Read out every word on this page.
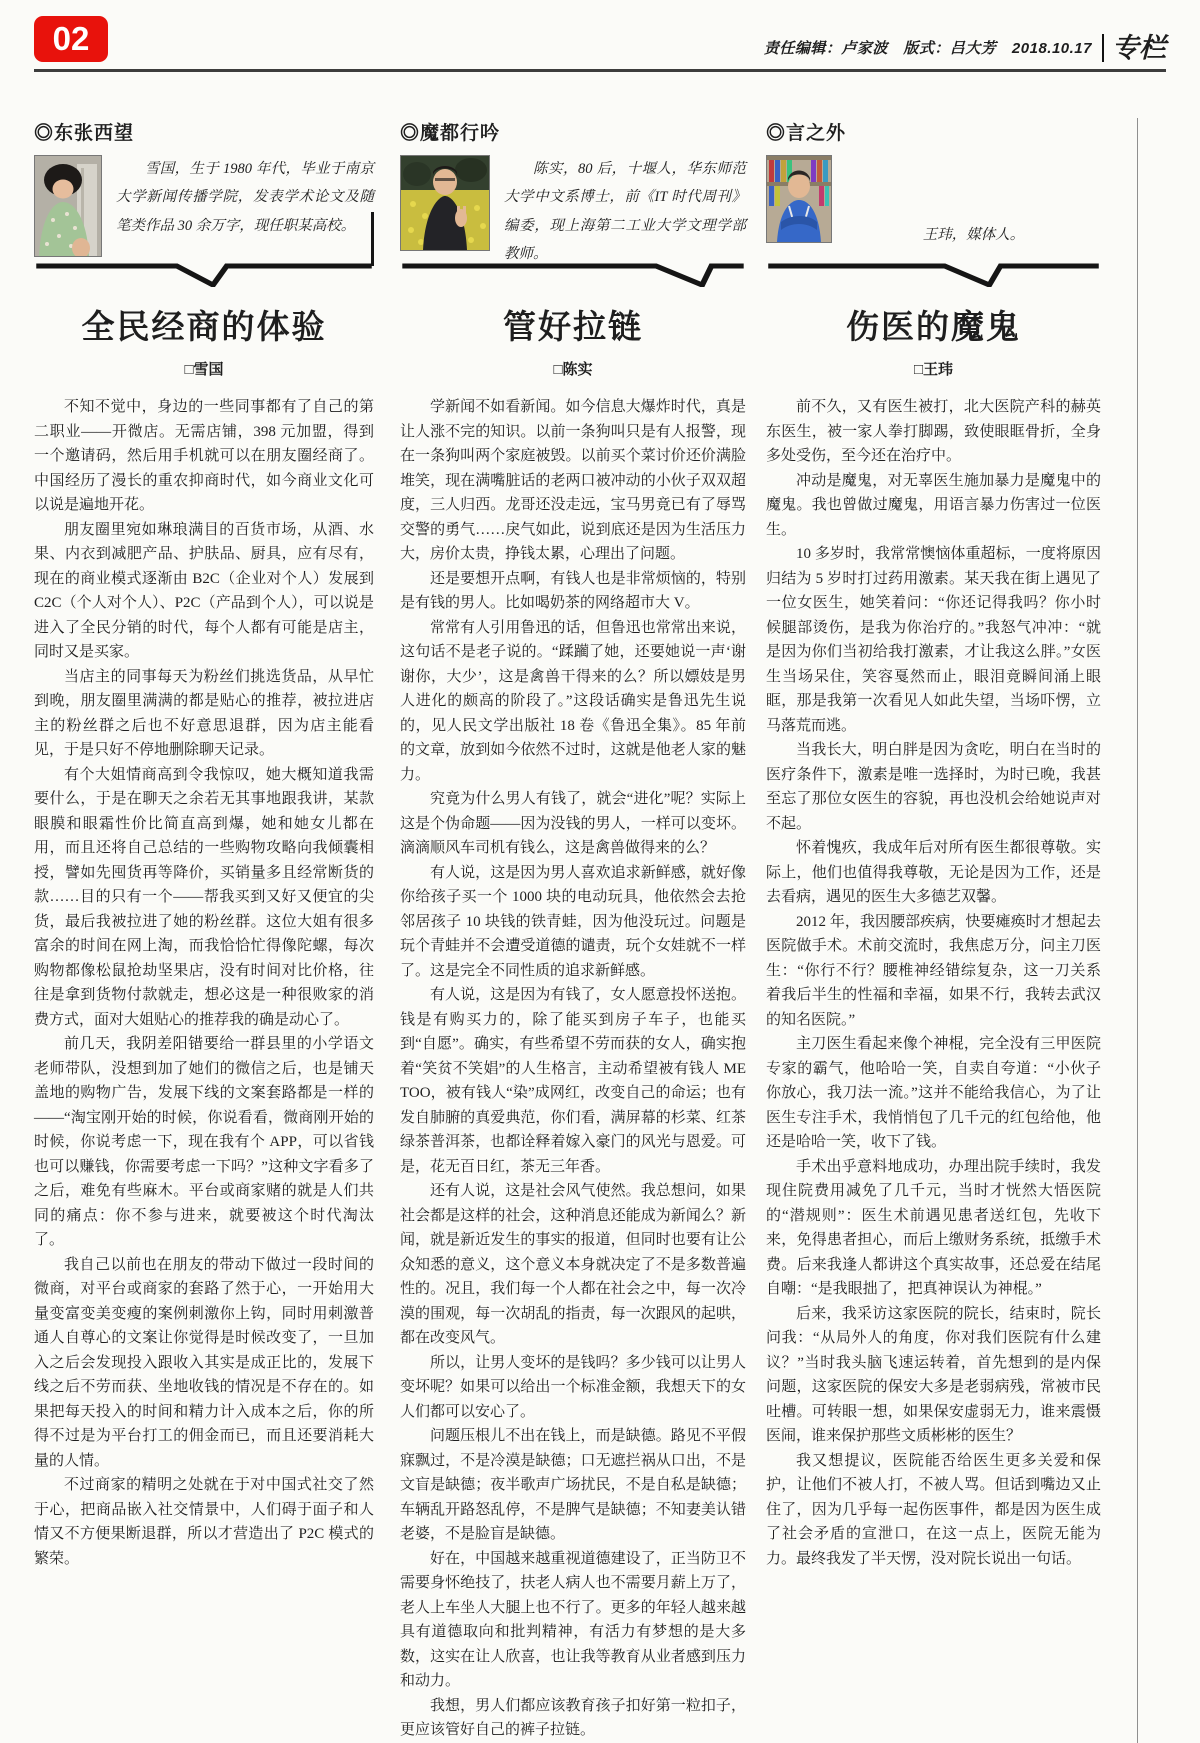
02	责任编辑：卢家波　版式：吕大芳　2018.10.17 专栏
◎东张西望
雪国，生于 1980 年代，毕业于南京大学新闻传播学院，发表学术论文及随笔类作品 30 余万字，现任职某高校。
全民经商的体验
□雪国

不知不觉中，身边的一些同事都有了自己的第二职业——开微店。无需店铺，398 元加盟，得到一个邀请码，然后用手机就可以在朋友圈经商了。中国经历了漫长的重农抑商时代，如今商业文化可以说是遍地开花。

朋友圈里宛如琳琅满目的百货市场，从酒、水果、内衣到减肥产品、护肤品、厨具，应有尽有，现在的商业模式逐渐由 B2C（企业对个人）发展到 C2C（个人对个人）、P2C（产品到个人），可以说是进入了全民分销的时代，每个人都有可能是店主，同时又是买家。

当店主的同事每天为粉丝们挑选货品，从早忙到晚，朋友圈里满满的都是贴心的推荐，被拉进店主的粉丝群之后也不好意思退群，因为店主能看见，于是只好不停地删除聊天记录。

有个大姐情商高到令我惊叹，她大概知道我需要什么，于是在聊天之余若无其事地跟我讲，某款眼膜和眼霜性价比简直高到爆，她和她女儿都在用，而且还将自己总结的一些购物攻略向我倾囊相授，譬如先囤货再等降价，买销量多且经常断货的款……目的只有一个——帮我买到又好又便宜的尖货，最后我被拉进了她的粉丝群。这位大姐有很多富余的时间在网上淘，而我恰恰忙得像陀螺，每次购物都像松鼠抢劫坚果店，没有时间对比价格，往往是拿到货物付款就走，想必这是一种很败家的消费方式，面对大姐贴心的推荐我的确是动心了。

前几天，我阴差阳错要给一群县里的小学语文老师带队，没想到加了她们的微信之后，也是铺天盖地的购物广告，发展下线的文案套路都是一样的——“淘宝刚开始的时候，你说看看，微商刚开始的时候，你说考虑一下，现在我有个 APP，可以省钱也可以赚钱，你需要考虑一下吗？”这种文字看多了之后，难免有些麻木。平台或商家赌的就是人们共同的痛点：你不参与进来，就要被这个时代淘汰了。

我自己以前也在朋友的带动下做过一段时间的微商，对平台或商家的套路了然于心，一开始用大量变富变美变瘦的案例刺激你上钩，同时用刺激普通人自尊心的文案让你觉得是时候改变了，一旦加入之后会发现投入跟收入其实是成正比的，发展下线之后不劳而获、坐地收钱的情况是不存在的。如果把每天投入的时间和精力计入成本之后，你的所得不过是为平台打工的佣金而已，而且还要消耗大量的人情。

不过商家的精明之处就在于对中国式社交了然于心，把商品嵌入社交情景中，人们碍于面子和人情又不方便果断退群，所以才营造出了 P2C 模式的繁荣。

◎魔都行吟
陈实，80 后，十堰人，华东师范大学中文系博士，前《IT 时代周刊》编委，现上海第二工业大学文理学部教师。
管好拉链
□陈实

学新闻不如看新闻。如今信息大爆炸时代，真是让人涨不完的知识。以前一条狗叫只是有人报警，现在一条狗叫两个家庭被毁。以前买个菜讨价还价满脸堆笑，现在满嘴脏话的老两口被冲动的小伙子双双超度，三人归西。龙哥还没走远，宝马男竟已有了辱骂交警的勇气……戾气如此，说到底还是因为生活压力大，房价太贵，挣钱太累，心理出了问题。

还是要想开点啊，有钱人也是非常烦恼的，特别是有钱的男人。比如喝奶茶的网络超市大 V。

常常有人引用鲁迅的话，但鲁迅也常常出来说，这句话不是老子说的。“蹂躏了她，还要她说一声‘谢谢你，大少’，这是禽兽干得来的么？所以嫖妓是男人进化的颇高的阶段了。”这段话确实是鲁迅先生说的，见人民文学出版社 18 卷《鲁迅全集》。85 年前的文章，放到如今依然不过时，这就是他老人家的魅力。

究竟为什么男人有钱了，就会“进化”呢？实际上这是个伪命题——因为没钱的男人，一样可以变坏。滴滴顺风车司机有钱么，这是禽兽做得来的么？

有人说，这是因为男人喜欢追求新鲜感，就好像你给孩子买一个 1000 块的电动玩具，他依然会去抢邻居孩子 10 块钱的铁青蛙，因为他没玩过。问题是玩个青蛙并不会遭受道德的谴责，玩个女娃就不一样了。这是完全不同性质的追求新鲜感。

有人说，这是因为有钱了，女人愿意投怀送抱。钱是有购买力的，除了能买到房子车子，也能买到“自愿”。确实，有些希望不劳而获的女人，确实抱着“笑贫不笑娼”的人生格言，主动希望被有钱人 ME TOO，被有钱人“染”成网红，改变自己的命运；也有发自肺腑的真爱典范，你们看，满屏幕的杉菜、红茶绿茶普洱茶，也都诠释着嫁入豪门的风光与恩爱。可是，花无百日红，茶无三年香。

还有人说，这是社会风气使然。我总想问，如果社会都是这样的社会，这种消息还能成为新闻么？新闻，就是新近发生的事实的报道，但同时也要有让公众知悉的意义，这个意义本身就决定了不是多数普遍性的。况且，我们每一个人都在社会之中，每一次冷漠的围观，每一次胡乱的指责，每一次跟风的起哄，都在改变风气。

所以，让男人变坏的是钱吗？多少钱可以让男人变坏呢？如果可以给出一个标准金额，我想天下的女人们都可以安心了。

问题压根儿不出在钱上，而是缺德。路见不平假寐飘过，不是冷漠是缺德；口无遮拦祸从口出，不是文盲是缺德；夜半歌声广场扰民，不是自私是缺德；车辆乱开路怒乱停，不是脾气是缺德；不知妻美认错老婆，不是脸盲是缺德。

好在，中国越来越重视道德建设了，正当防卫不需要身怀绝技了，扶老人病人也不需要月薪上万了，老人上车坐人大腿上也不行了。更多的年轻人越来越具有道德取向和批判精神，有活力有梦想的是大多数，这实在让人欣喜，也让我等教育从业者感到压力和动力。

我想，男人们都应该教育孩子扣好第一粒扣子，更应该管好自己的裤子拉链。

◎言之外
王玮，媒体人。
伤医的魔鬼
□王玮

前不久，又有医生被打，北大医院产科的赫英东医生，被一家人拳打脚踢，致使眼眶骨折，全身多处受伤，至今还在治疗中。

冲动是魔鬼，对无辜医生施加暴力是魔鬼中的魔鬼。我也曾做过魔鬼，用语言暴力伤害过一位医生。

10 多岁时，我常常懊恼体重超标，一度将原因归结为 5 岁时打过药用激素。某天我在街上遇见了一位女医生，她笑着问：“你还记得我吗？你小时候腿部烫伤，是我为你治疗的。”我怒气冲冲：“就是因为你们当初给我打激素，才让我这么胖。”女医生当场呆住，笑容戛然而止，眼泪竟瞬间涌上眼眶，那是我第一次看见人如此失望，当场吓愣，立马落荒而逃。

当我长大，明白胖是因为贪吃，明白在当时的医疗条件下，激素是唯一选择时，为时已晚，我甚至忘了那位女医生的容貌，再也没机会给她说声对不起。

怀着愧疚，我成年后对所有医生都很尊敬。实际上，他们也值得我尊敬，无论是因为工作，还是去看病，遇见的医生大多德艺双馨。

2012 年，我因腰部疾病，快要瘫痪时才想起去医院做手术。术前交流时，我焦虑万分，问主刀医生：“你行不行？腰椎神经错综复杂，这一刀关系着我后半生的性福和幸福，如果不行，我转去武汉的知名医院。”

主刀医生看起来像个神棍，完全没有三甲医院专家的霸气，他哈哈一笑，自卖自夸道：“小伙子你放心，我刀法一流。”这并不能给我信心，为了让医生专注手术，我悄悄包了几千元的红包给他，他还是哈哈一笑，收下了钱。

手术出乎意料地成功，办理出院手续时，我发现住院费用减免了几千元，当时才恍然大悟医院的“潜规则”：医生术前遇见患者送红包，先收下来，免得患者担心，而后上缴财务系统，抵缴手术费。后来我逢人都讲这个真实故事，还总爱在结尾自嘲：“是我眼拙了，把真神误认为神棍。”

后来，我采访这家医院的院长，结束时，院长问我：“从局外人的角度，你对我们医院有什么建议？”当时我头脑飞速运转着，首先想到的是内保问题，这家医院的保安大多是老弱病残，常被市民吐槽。可转眼一想，如果保安虚弱无力，谁来震慑医闹，谁来保护那些文质彬彬的医生？

我又想提议，医院能否给医生更多关爱和保护，让他们不被人打，不被人骂。但话到嘴边又止住了，因为几乎每一起伤医事件，都是因为医生成了社会矛盾的宣泄口，在这一点上，医院无能为力。最终我发了半天愣，没对院长说出一句话。
